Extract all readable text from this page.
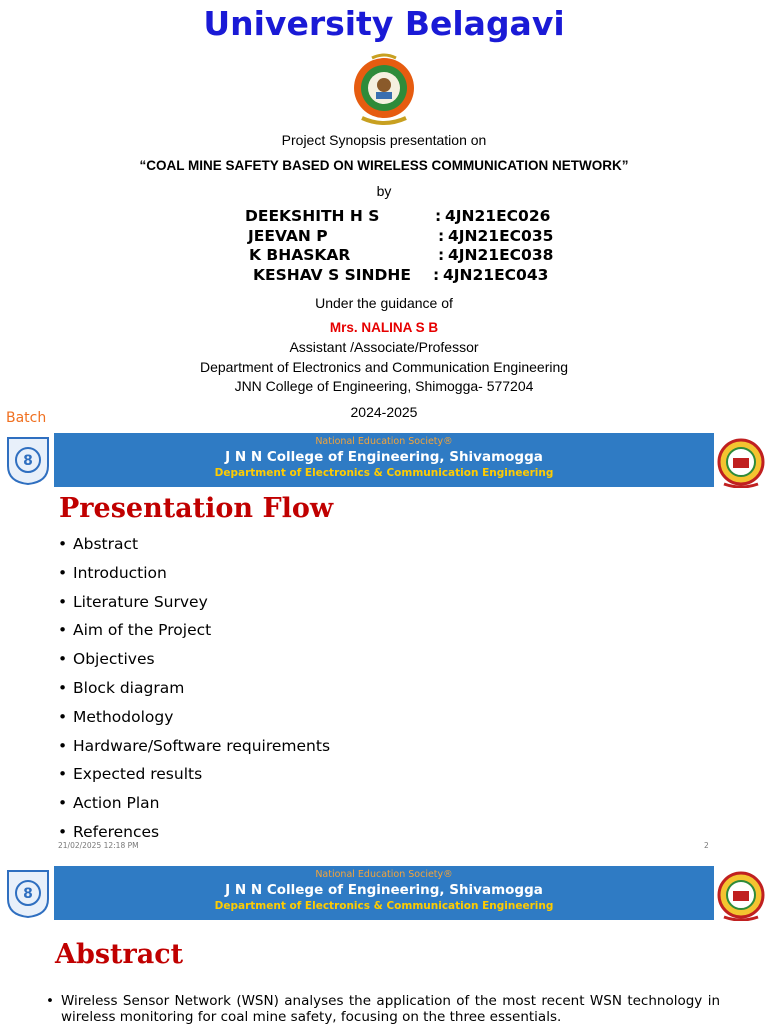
University Belagavi
Project Synopsis presentation on
“COAL MINE SAFETY BASED ON WIRELESS COMMUNICATION NETWORK”
by
DEEKSHITH H S	: 4JN21EC026
JEEVAN P	: 4JN21EC035
K BHASKAR	: 4JN21EC038
KESHAV S SINDHE : 4JN21EC043
Under the guidance of
Mrs. NALINA S B
Assistant /Associate/Professor
Department of Electronics and Communication Engineering
JNN College of Engineering, Shimogga- 577204
2024-2025
Batch
8
National Education Society®
J N N College of Engineering, Shivamogga
Department of Electronics & Communication Engineering
Presentation Flow
• Abstract
• Introduction
• Literature Survey
• Aim of the Project
• Objectives
• Block diagram
• Methodology
• Hardware/Software requirements
• Expected results
• Action Plan
• References
21/02/2025 12:18 PM	2
8
National Education Society®
J N N College of Engineering, Shivamogga
Department of Electronics & Communication Engineering
Abstract
• Wireless Sensor Network (WSN) analyses the application of the most recent WSN technology in wireless monitoring for coal mine safety, focusing on the three essentials.
